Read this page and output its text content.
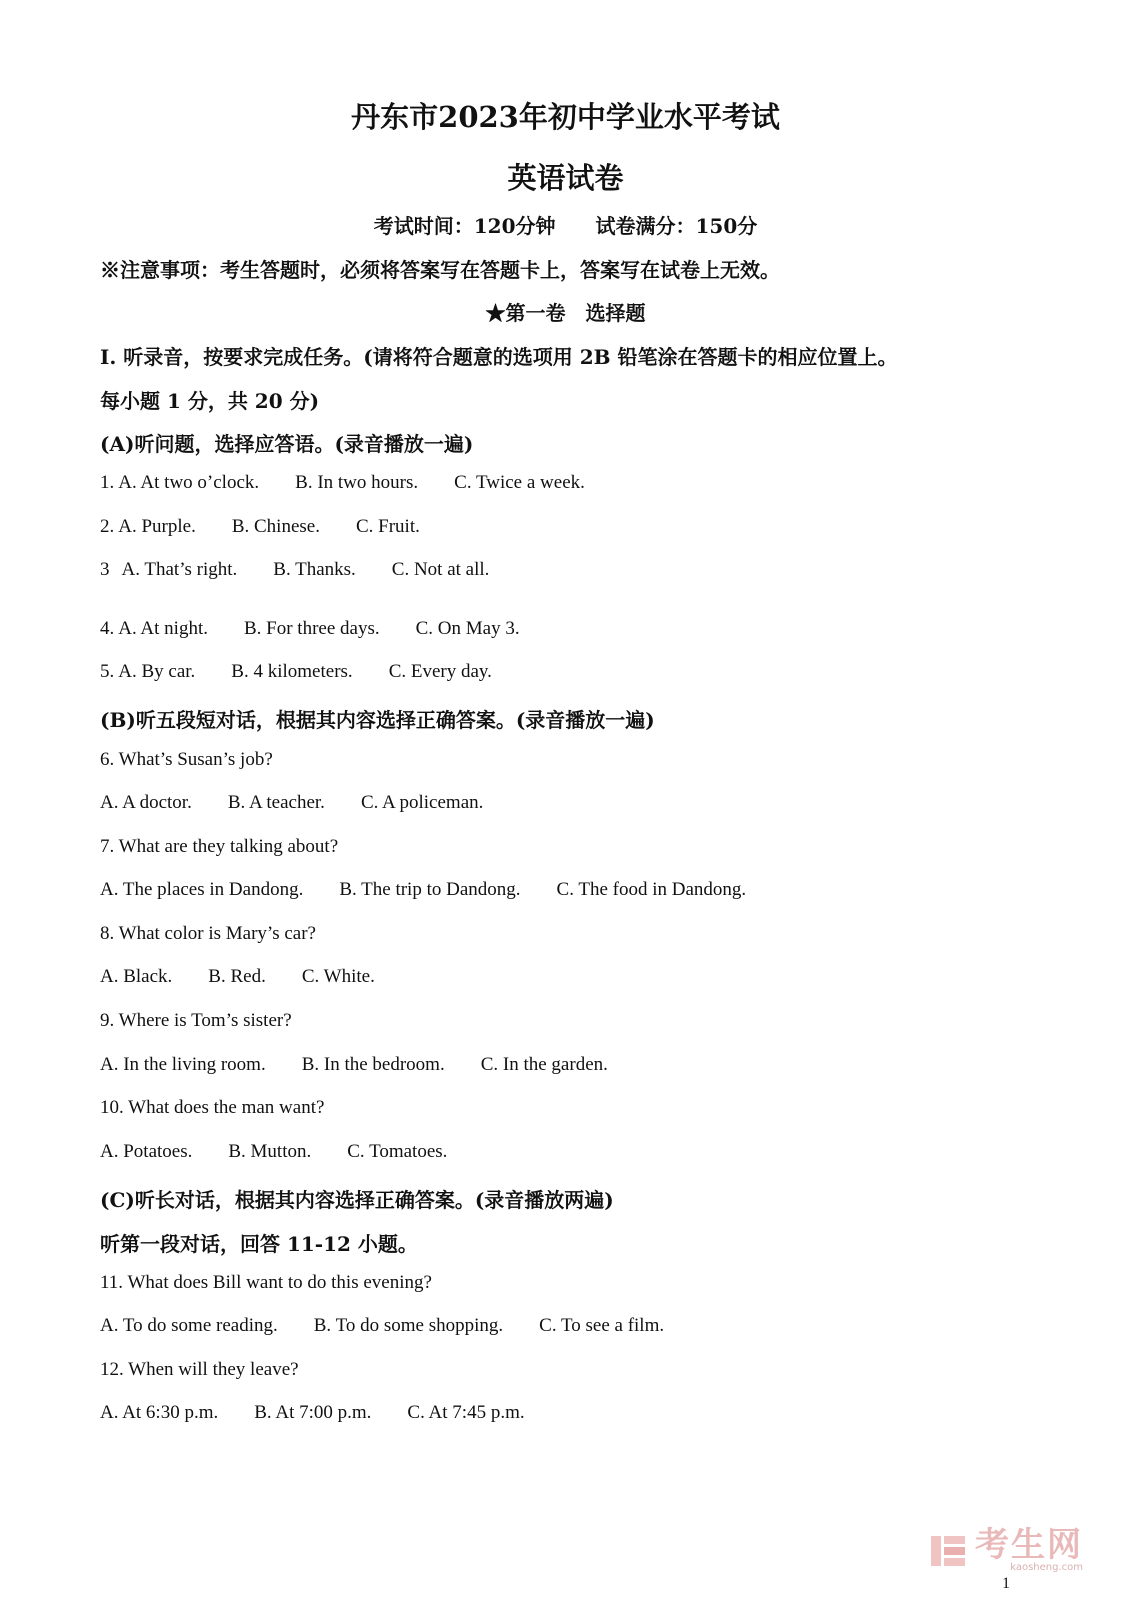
丹东市2023年初中学业水平考试
英语试卷
考试时间：120分钟 试卷满分：150分
※注意事项：考生答题时，必须将答案写在答题卡上，答案写在试卷上无效。
★第一卷　选择题
Ⅰ. 听录音，按要求完成任务。(请将符合题意的选项用 2B 铅笔涂在答题卡的相应位置上。
每小题 1 分，共 20 分)
(A)听问题，选择应答语。(录音播放一遍)
1. A. At two o’clock. B. In two hours. C. Twice a week.
2. A. Purple. B. Chinese. C. Fruit.
3 A. That’s right. B. Thanks. C. Not at all.
4. A. At night. B. For three days. C. On May 3.
5. A. By car. B. 4 kilometers. C. Every day.
(B)听五段短对话，根据其内容选择正确答案。(录音播放一遍)
6. What’s Susan’s job?
A. A doctor. B. A teacher. C. A policeman.
7. What are they talking about?
A. The places in Dandong. B. The trip to Dandong. C. The food in Dandong.
8. What color is Mary’s car?
A. Black. B. Red. C. White.
9. Where is Tom’s sister?
A. In the living room. B. In the bedroom. C. In the garden.
10. What does the man want?
A. Potatoes. B. Mutton. C. Tomatoes.
(C)听长对话，根据其内容选择正确答案。(录音播放两遍)
听第一段对话，回答 11-12 小题。
11. What does Bill want to do this evening?
A. To do some reading. B. To do some shopping. C. To see a film.
12. When will they leave?
A. At 6:30 p.m. B. At 7:00 p.m. C. At 7:45 p.m.
考生网
kaosheng.com
1
